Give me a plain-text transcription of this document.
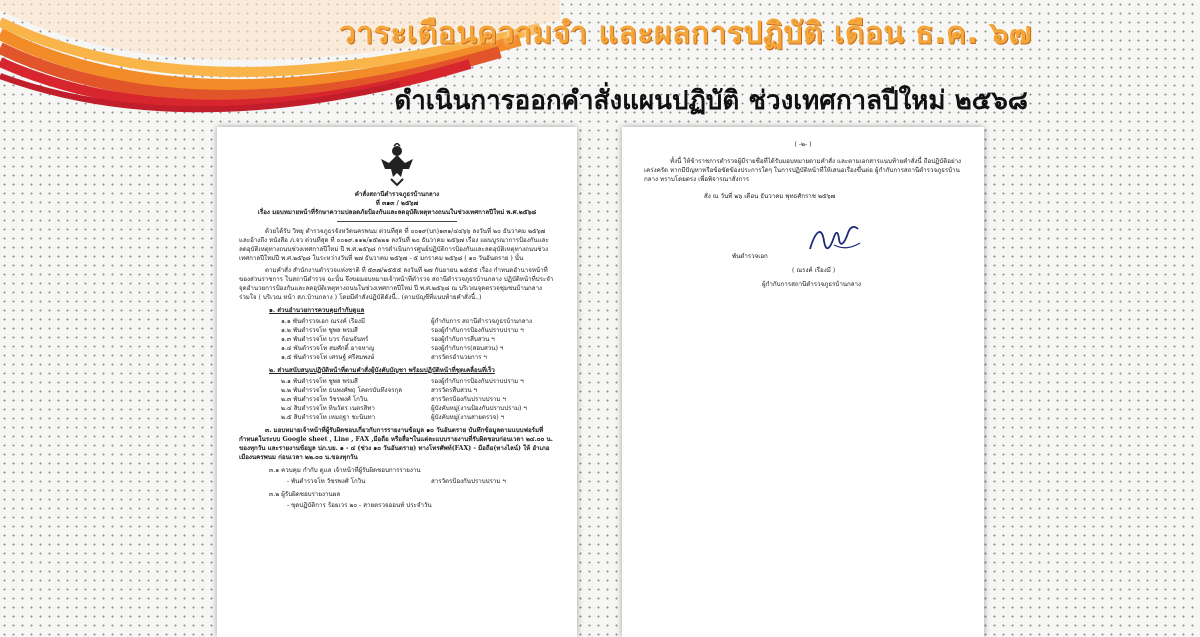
วาระเตือนความจำ และผลการปฏิบัติ เดือน ธ.ค. ๖๗
ดำเนินการออกคำสั่งแผนปฏิบัติ ช่วงเทศกาลปีใหม่ ๒๕๖๘
คำสั่งสถานีตำรวจภูธรบ้านกลาง
ที่ ๓๑๓ / ๒๕๖๗
เรื่อง มอบหมายหน้าที่รักษาความปลอดภัยป้องกันและลดอุบัติเหตุทางถนนในช่วงเทศกาลปีใหม่ พ.ศ.๒๕๖๘

ด้วยได้รับ วิทยุ ตำรวจภูธรจังหวัดนครพนม ด่วนที่สุด ที่ ๐๐๑๙(บก)๑๓๑/๔๔๖๖ ลงวันที่ ๒๐ ธันวาคม ๒๕๖๗ และอ้างถึง หนังสือ ภ.จว ด่วนที่สุด ที่ ๐๐๑๙.๑๑๒/๑๕๒๒๑ ลงวันที่ ๒๐ ธันวาคม ๒๕๖๗ เรื่อง แผนบูรณาการป้องกันและลดอุบัติเหตุทางถนนช่วงเทศกาลปีใหม่ ปี พ.ศ.๒๕๖๘ การดำเนินการศูนย์ปฏิบัติการป้องกันและลดอุบัติเหตุทางถนนช่วงเทศกาลปีใหม่ปี พ.ศ.๒๕๖๘ ในระหว่างวันที่ ๒๗ ธันวาคม ๒๕๖๗ - ๕ มกราคม ๒๕๖๘ ( ๑๐ วันอันตราย ) นั้น

ตามคำสั่ง สำนักงานตำรวจแห่งชาติ ที่ ๕๓๗/๒๕๕๕ ลงวันที่ ๒๗ กันยายน ๒๕๕๕ เรื่อง กำหนดอำนาจหน้าที่ของส่วนราชการ ในสถานีตำรวจ ฉะนั้น จึงขอมอบหมายเจ้าหน้าที่ตำรวจ สถานีตำรวจภูธรบ้านกลาง ปฏิบัติหน้าที่ประจำจุดอำนวยการป้องกันและลดอุบัติเหตุทางถนนในช่วงเทศกาลปีใหม่ ปี พ.ศ.๒๕๖๘ ณ บริเวณจุดตรวจชุมชนบ้านกลางร่วมใจ ( บริเวณ หน้า สภ.บ้านกลาง ) โดยมีคำสั่งปฏิบัติดังนี้.. (ตามบัญชีที่แนบท้ายคำสั่งนี้..)

๑. ส่วนอำนวยการควบคุมกำกับดูแล
๑.๑ พันตำรวจเอก ณรงค์ เรืองมี	ผู้กำกับการ สถานีตำรวจภูธรบ้านกลาง
๑.๒ พันตำรวจโท ชูพล พรมสี	รองผู้กำกับการป้องกันปราบปราม ฯ
๑.๓ พันตำรวจโท บวร ก้อนจันทร์	รองผู้กำกับการสืบสวน ฯ
๑.๔ พันตำรวจโท สมศักดิ์ อาจหาญ	รองผู้กำกับการ(สอบสวน) ฯ
๑.๕ พันตำรวจโท เศรษฐ์ ศรีสมพงษ์	สารวัตรอำนวยการ ฯ
๒. ส่วนสนับสนุนปฏิบัติหน้าที่ตามคำสั่งผู้บังคับบัญชา พร้อมปฏิบัติหน้าที่ชุดเคลื่อนที่เร็ว
๒.๑ พันตำรวจโท ชูพล พรมสี	รองผู้กำกับการป้องกันปราบปราม ฯ
๒.๒ พันตำรวจโท ธนพงศ์พฤ โคตรบันทึงจรกุล	สารวัตรสืบสวน ฯ
๒.๓ พันตำรวจโท วัชรพงศ์ โกวิน	สารวัตรป้องกันปราบปราม ฯ
๒.๔ สิบตำรวจโท ทินวัตร เนตรสิทา	ผู้บังคับหมู่(งานป้องกันปราบปราม) ฯ
๒.๕ สิบตำรวจโท เหมฤฐา ชะนินทา	ผู้บังคับหมู่(งานสายตรวจ) ฯ

๓. มอบหมายเจ้าหน้าที่ผู้รับผิดชอบเกี่ยวกับการรายงานข้อมูล ๑๐ วันอันตราย บันทึกข้อมูลตามแบบฟอร์มที่กำหนดในระบบ Google sheet , Line , FAX ,มือถือ หรือสื่อฯในแต่ละแบบรายงานที่รับผิดชอบก่อนเวลา ๒๔.๐๐ น. ของทุกวัน และรายงานข้อมูล ปภ.บย. ๑ - ๔ (ช่วง ๑๐ วันอันตราย) ทางโทรศัพท์(FAX) - มือถือ(ทางไลน์) ให้ อำเภอเมืองนครพนม ก่อนเวลา ๒๒.๐๐ น.ของทุกวัน

๓.๑ ควบคุม กำกับ ดูแล เจ้าหน้าที่ผู้รับผิดชอบการรายงาน
- พันตำรวจโท วัชรพงศ์ โกวิน	สารวัตรป้องกันปราบปราม ฯ
๓.๒ ผู้รับผิดชอบรายงานผล
- ชุดปฏิบัติการ ร้อยเวร ๒๐ - สายตรวจออนท์ ประจำวัน
( -๒- )

ทั้งนี้ ให้ข้าราชการตำรวจผู้มีรายชื่อที่ได้รับมอบหมายตามคำสั่ง และตามเอกสารแนบท้ายคำสั่งนี้ ถือปฏิบัติอย่างเคร่งครัด หากมีปัญหาหรือข้อขัดข้องประการใดๆ ในการปฏิบัติหน้าที่ให้เสนอเรื่องขึ้นต่อ ผู้กำกับการสถานีตำรวจภูธรบ้านกลาง ทราบโดยตรง เพื่อพิจารณาสั่งการ

สั่ง ณ วันที่ ๒๖ เดือน ธันวาคม พุทธศักราช ๒๕๖๗
พันตำรวจเอก
( ณรงค์ เรืองมี )
ผู้กำกับการสถานีตำรวจภูธรบ้านกลาง
